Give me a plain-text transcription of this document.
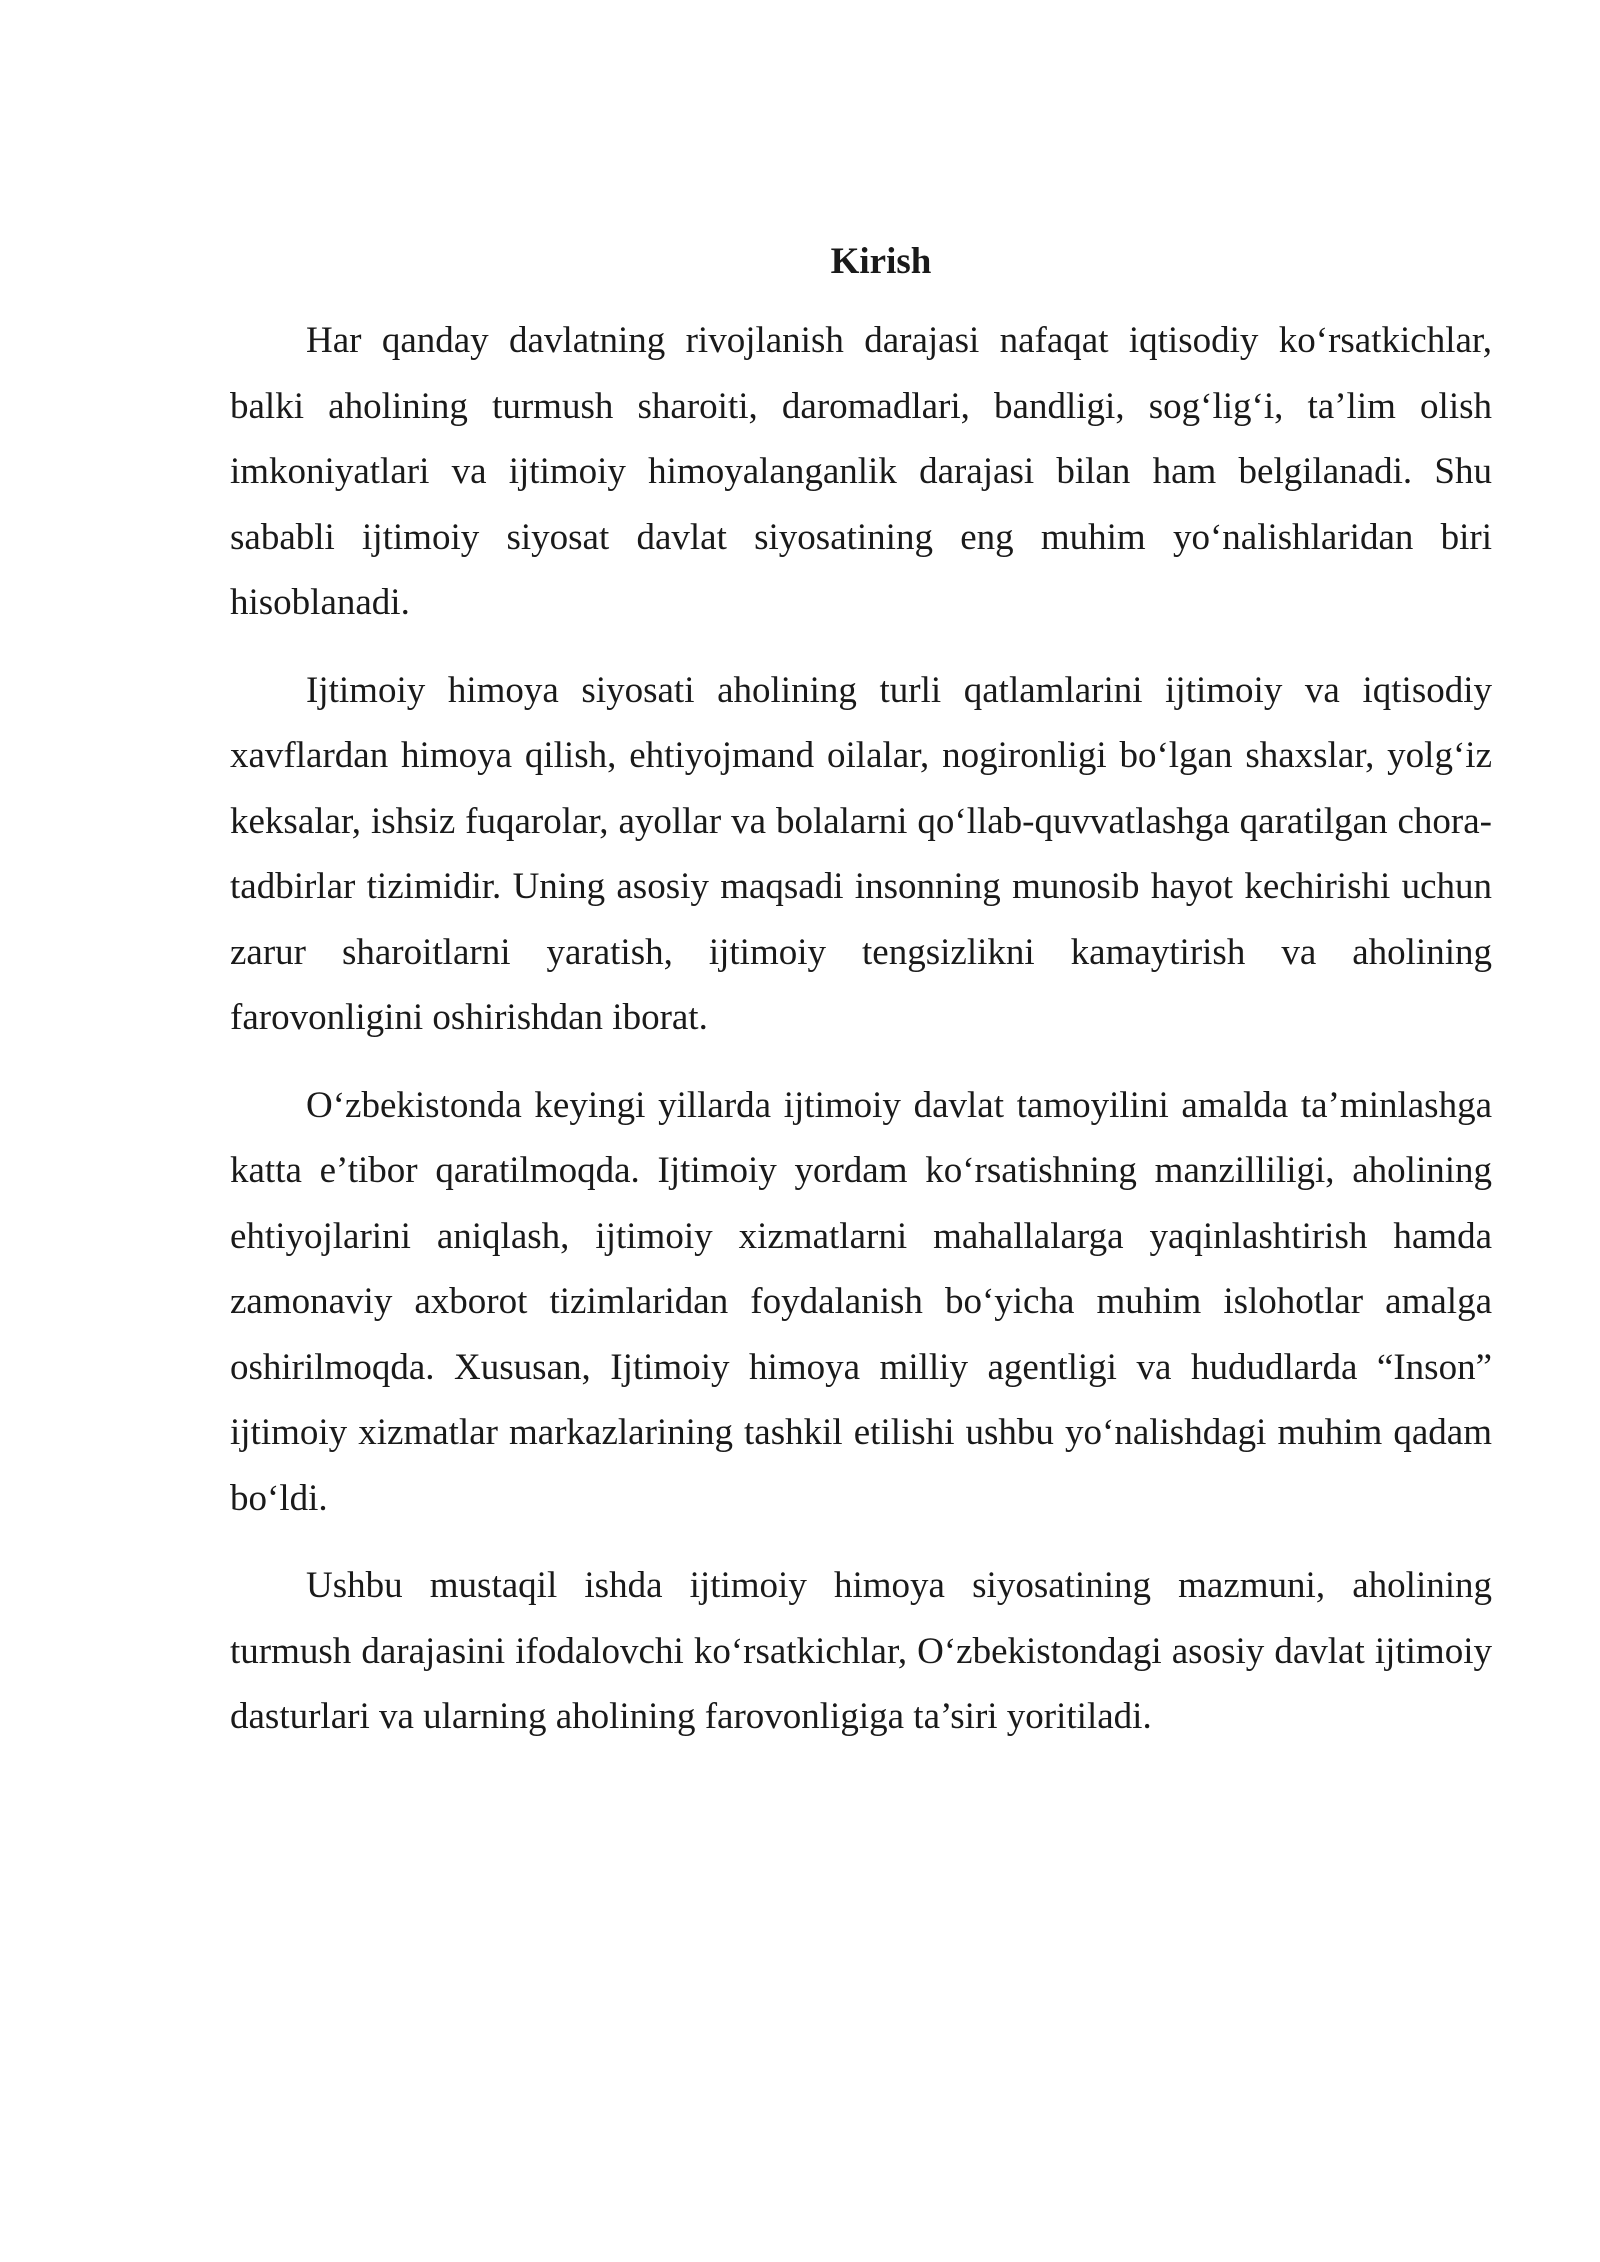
Kirish

Har qanday davlatning rivojlanish darajasi nafaqat iqtisodiy ko‘rsatkichlar, balki aholining turmush sharoiti, daromadlari, bandligi, sog‘lig‘i, ta’lim olish imkoniyatlari va ijtimoiy himoyalanganlik darajasi bilan ham belgilanadi. Shu sababli ijtimoiy siyosat davlat siyosatining eng muhim yo‘nalishlaridan biri hisoblanadi.

Ijtimoiy himoya siyosati aholining turli qatlamlarini ijtimoiy va iqtisodiy xavflardan himoya qilish, ehtiyojmand oilalar, nogironligi bo‘lgan shaxslar, yolg‘iz keksalar, ishsiz fuqarolar, ayollar va bolalarni qo‘llab-quvvatlashga qaratilgan chora-tadbirlar tizimidir. Uning asosiy maqsadi insonning munosib hayot kechirishi uchun zarur sharoitlarni yaratish, ijtimoiy tengsizlikni kamaytirish va aholining farovonligini oshirishdan iborat.

O‘zbekistonda keyingi yillarda ijtimoiy davlat tamoyilini amalda ta’minlashga katta e’tibor qaratilmoqda. Ijtimoiy yordam ko‘rsatishning manzilliligi, aholining ehtiyojlarini aniqlash, ijtimoiy xizmatlarni mahallalarga yaqinlashtirish hamda zamonaviy axborot tizimlaridan foydalanish bo‘yicha muhim islohotlar amalga oshirilmoqda. Xususan, Ijtimoiy himoya milliy agentligi va hududlarda “Inson” ijtimoiy xizmatlar markazlarining tashkil etilishi ushbu yo‘nalishdagi muhim qadam bo‘ldi.

Ushbu mustaqil ishda ijtimoiy himoya siyosatining mazmuni, aholining turmush darajasini ifodalovchi ko‘rsatkichlar, O‘zbekistondagi asosiy davlat ijtimoiy dasturlari va ularning aholining farovonligiga ta’siri yoritiladi.
